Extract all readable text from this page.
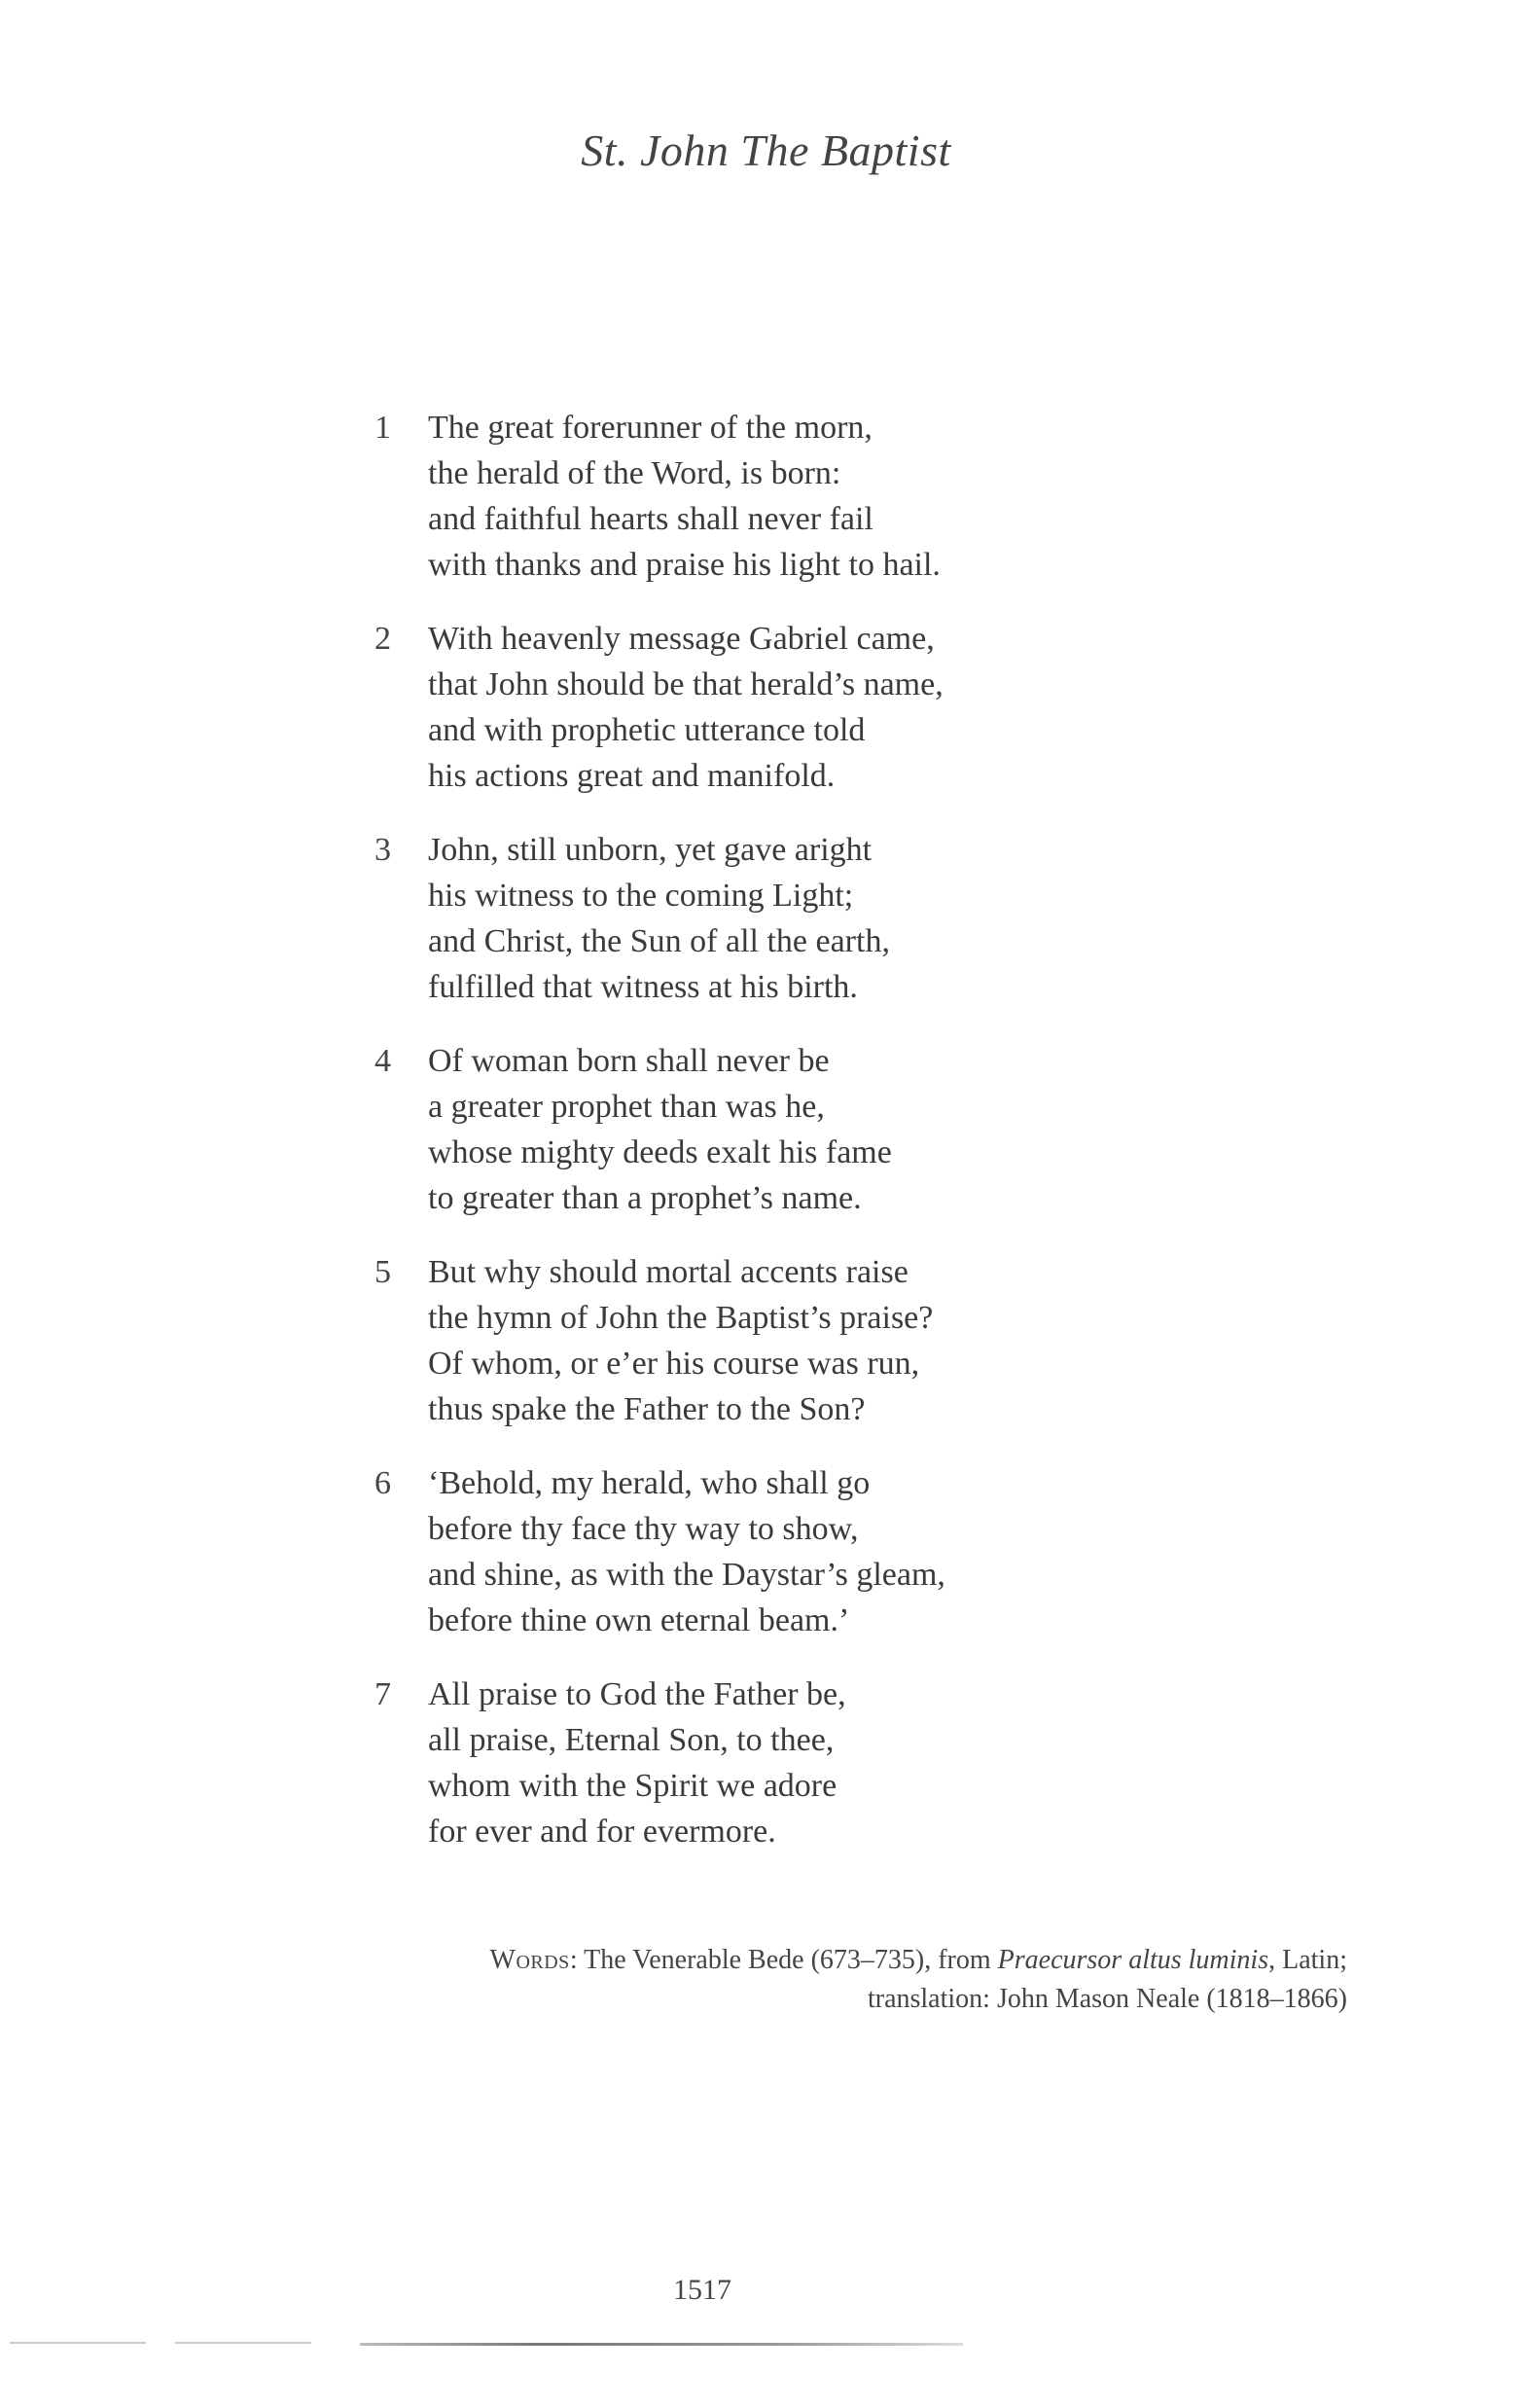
St. John The Baptist
1 The great forerunner of the morn,
the herald of the Word, is born:
and faithful hearts shall never fail
with thanks and praise his light to hail.
2 With heavenly message Gabriel came,
that John should be that herald’s name,
and with prophetic utterance told
his actions great and manifold.
3 John, still unborn, yet gave aright
his witness to the coming Light;
and Christ, the Sun of all the earth,
fulfilled that witness at his birth.
4 Of woman born shall never be
a greater prophet than was he,
whose mighty deeds exalt his fame
to greater than a prophet’s name.
5 But why should mortal accents raise
the hymn of John the Baptist’s praise?
Of whom, or e’er his course was run,
thus spake the Father to the Son?
6 ‘Behold, my herald, who shall go
before thy face thy way to show,
and shine, as with the Daystar’s gleam,
before thine own eternal beam.’
7 All praise to God the Father be,
all praise, Eternal Son, to thee,
whom with the Spirit we adore
for ever and for evermore.
Words: The Venerable Bede (673–735), from Praecursor altus luminis, Latin;
translation: John Mason Neale (1818–1866)
1517
